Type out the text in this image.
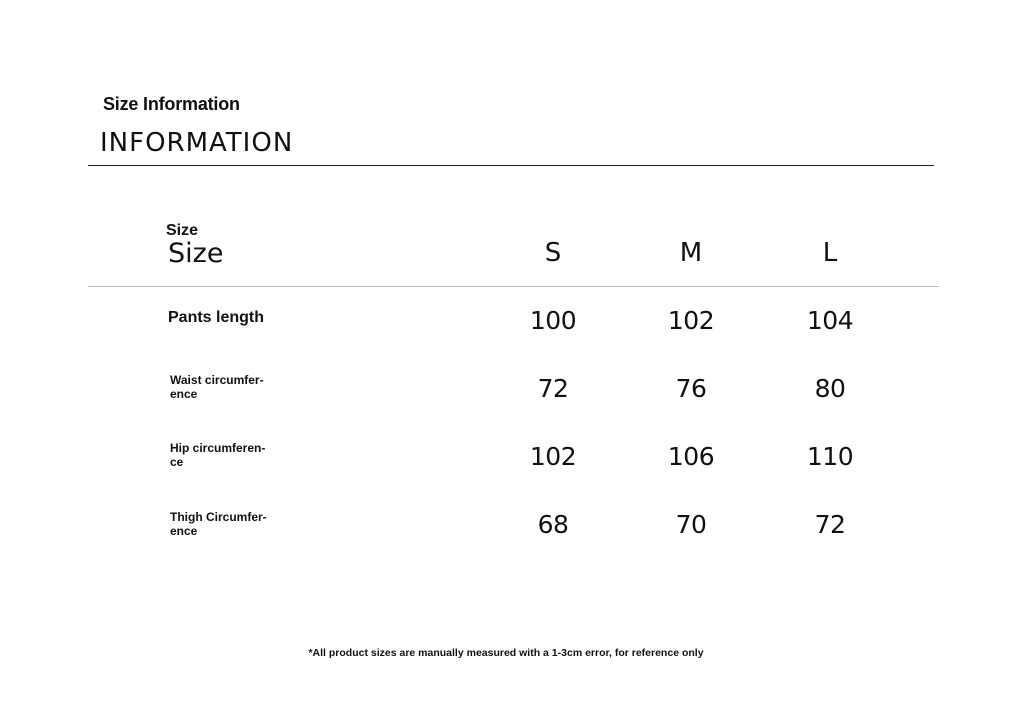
Size Information
INFORMATION
Size
Size	S	M	L
Pants length	100	102	104
Waist circumfer-
ence	72	76	80
Hip circumferen-
ce	102	106	110
Thigh Circumfer-
ence	68	70	72
*All product sizes are manually measured with a 1-3cm error, for reference only
